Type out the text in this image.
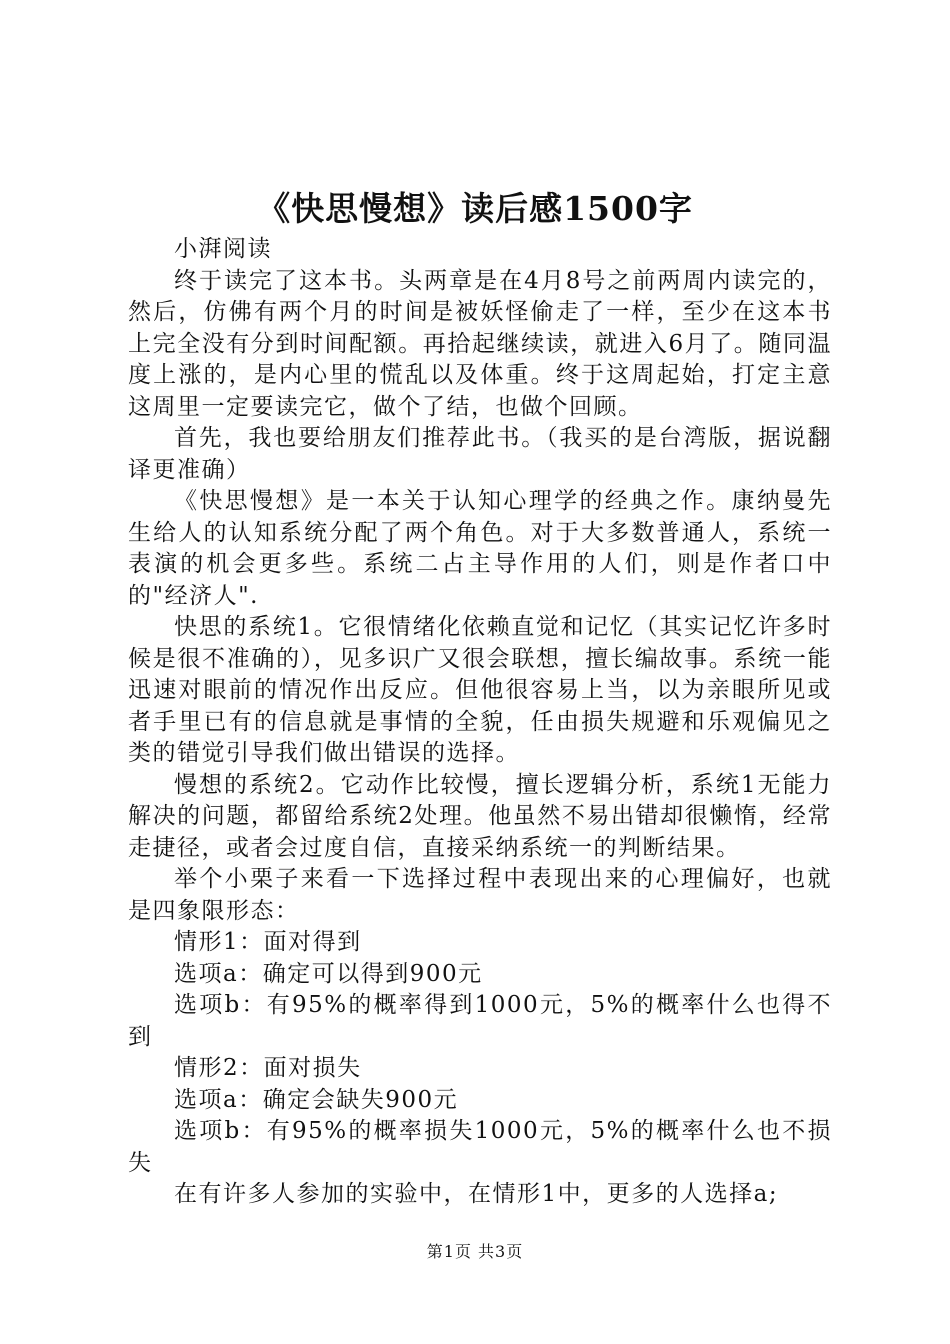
《快思慢想》读后感1500字

小湃阅读

终于读完了这本书。头两章是在4月8号之前两周内读完的，然后，仿佛有两个月的时间是被妖怪偷走了一样，至少在这本书上完全没有分到时间配额。再拾起继续读，就进入6月了。随同温度上涨的，是内心里的慌乱以及体重。终于这周起始，打定主意这周里一定要读完它，做个了结，也做个回顾。

首先，我也要给朋友们推荐此书。（我买的是台湾版，据说翻译更准确）

《快思慢想》是一本关于认知心理学的经典之作。康纳曼先生给人的认知系统分配了两个角色。对于大多数普通人，系统一表演的机会更多些。系统二占主导作用的人们，则是作者口中的"经济人".

快思的系统1。它很情绪化依赖直觉和记忆（其实记忆许多时候是很不准确的），见多识广又很会联想，擅长编故事。系统一能迅速对眼前的情况作出反应。但他很容易上当，以为亲眼所见或者手里已有的信息就是事情的全貌，任由损失规避和乐观偏见之类的错觉引导我们做出错误的选择。

慢想的系统2。它动作比较慢，擅长逻辑分析，系统1无能力解决的问题，都留给系统2处理。他虽然不易出错却很懒惰，经常走捷径，或者会过度自信，直接采纳系统一的判断结果。

举个小栗子来看一下选择过程中表现出来的心理偏好，也就是四象限形态：

情形1：面对得到

选项a：确定可以得到900元

选项b：有95%的概率得到1000元，5%的概率什么也得不到

情形2：面对损失

选项a：确定会缺失900元

选项b：有95%的概率损失1000元，5%的概率什么也不损失

在有许多人参加的实验中，在情形1中，更多的人选择a;

第1页 共3页
